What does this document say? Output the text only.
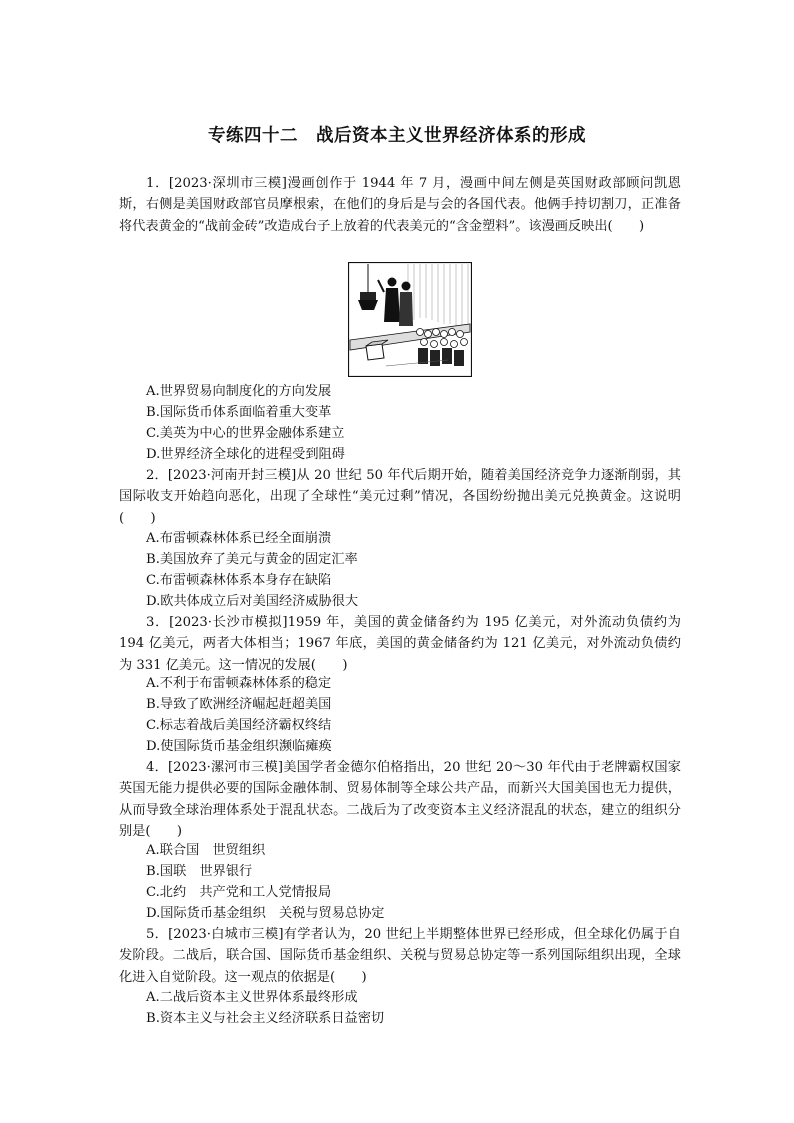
专练四十二　战后资本主义世界经济体系的形成
1．[2023·深圳市三模]漫画创作于 1944 年 7 月，漫画中间左侧是英国财政部顾问凯恩斯，右侧是美国财政部官员摩根索，在他们的身后是与会的各国代表。他俩手持切割刀，正准备将代表黄金的“战前金砖”改造成台子上放着的代表美元的“含金塑料”。该漫画反映出(　　)
A.世界贸易向制度化的方向发展
B.国际货币体系面临着重大变革
C.美英为中心的世界金融体系建立
D.世界经济全球化的进程受到阻碍
2．[2023·河南开封三模]从 20 世纪 50 年代后期开始，随着美国经济竞争力逐渐削弱，其国际收支开始趋向恶化，出现了全球性“美元过剩”情况，各国纷纷抛出美元兑换黄金。这说明(　　)
A.布雷顿森林体系已经全面崩溃
B.美国放弃了美元与黄金的固定汇率
C.布雷顿森林体系本身存在缺陷
D.欧共体成立后对美国经济威胁很大
3．[2023·长沙市模拟]1959 年，美国的黄金储备约为 195 亿美元，对外流动负债约为 194 亿美元，两者大体相当；1967 年底，美国的黄金储备约为 121 亿美元，对外流动负债约为 331 亿美元。这一情况的发展(　　)
A.不利于布雷顿森林体系的稳定
B.导致了欧洲经济崛起赶超美国
C.标志着战后美国经济霸权终结
D.使国际货币基金组织濒临瘫痪
4．[2023·漯河市三模]美国学者金德尔伯格指出，20 世纪 20～30 年代由于老牌霸权国家英国无能力提供必要的国际金融体制、贸易体制等全球公共产品，而新兴大国美国也无力提供，从而导致全球治理体系处于混乱状态。二战后为了改变资本主义经济混乱的状态，建立的组织分别是(　　)
A.联合国　世贸组织
B.国联　世界银行
C.北约　共产党和工人党情报局
D.国际货币基金组织　关税与贸易总协定
5．[2023·白城市三模]有学者认为，20 世纪上半期整体世界已经形成，但全球化仍属于自发阶段。二战后，联合国、国际货币基金组织、关税与贸易总协定等一系列国际组织出现，全球化进入自觉阶段。这一观点的依据是(　　)
A.二战后资本主义世界体系最终形成
B.资本主义与社会主义经济联系日益密切
